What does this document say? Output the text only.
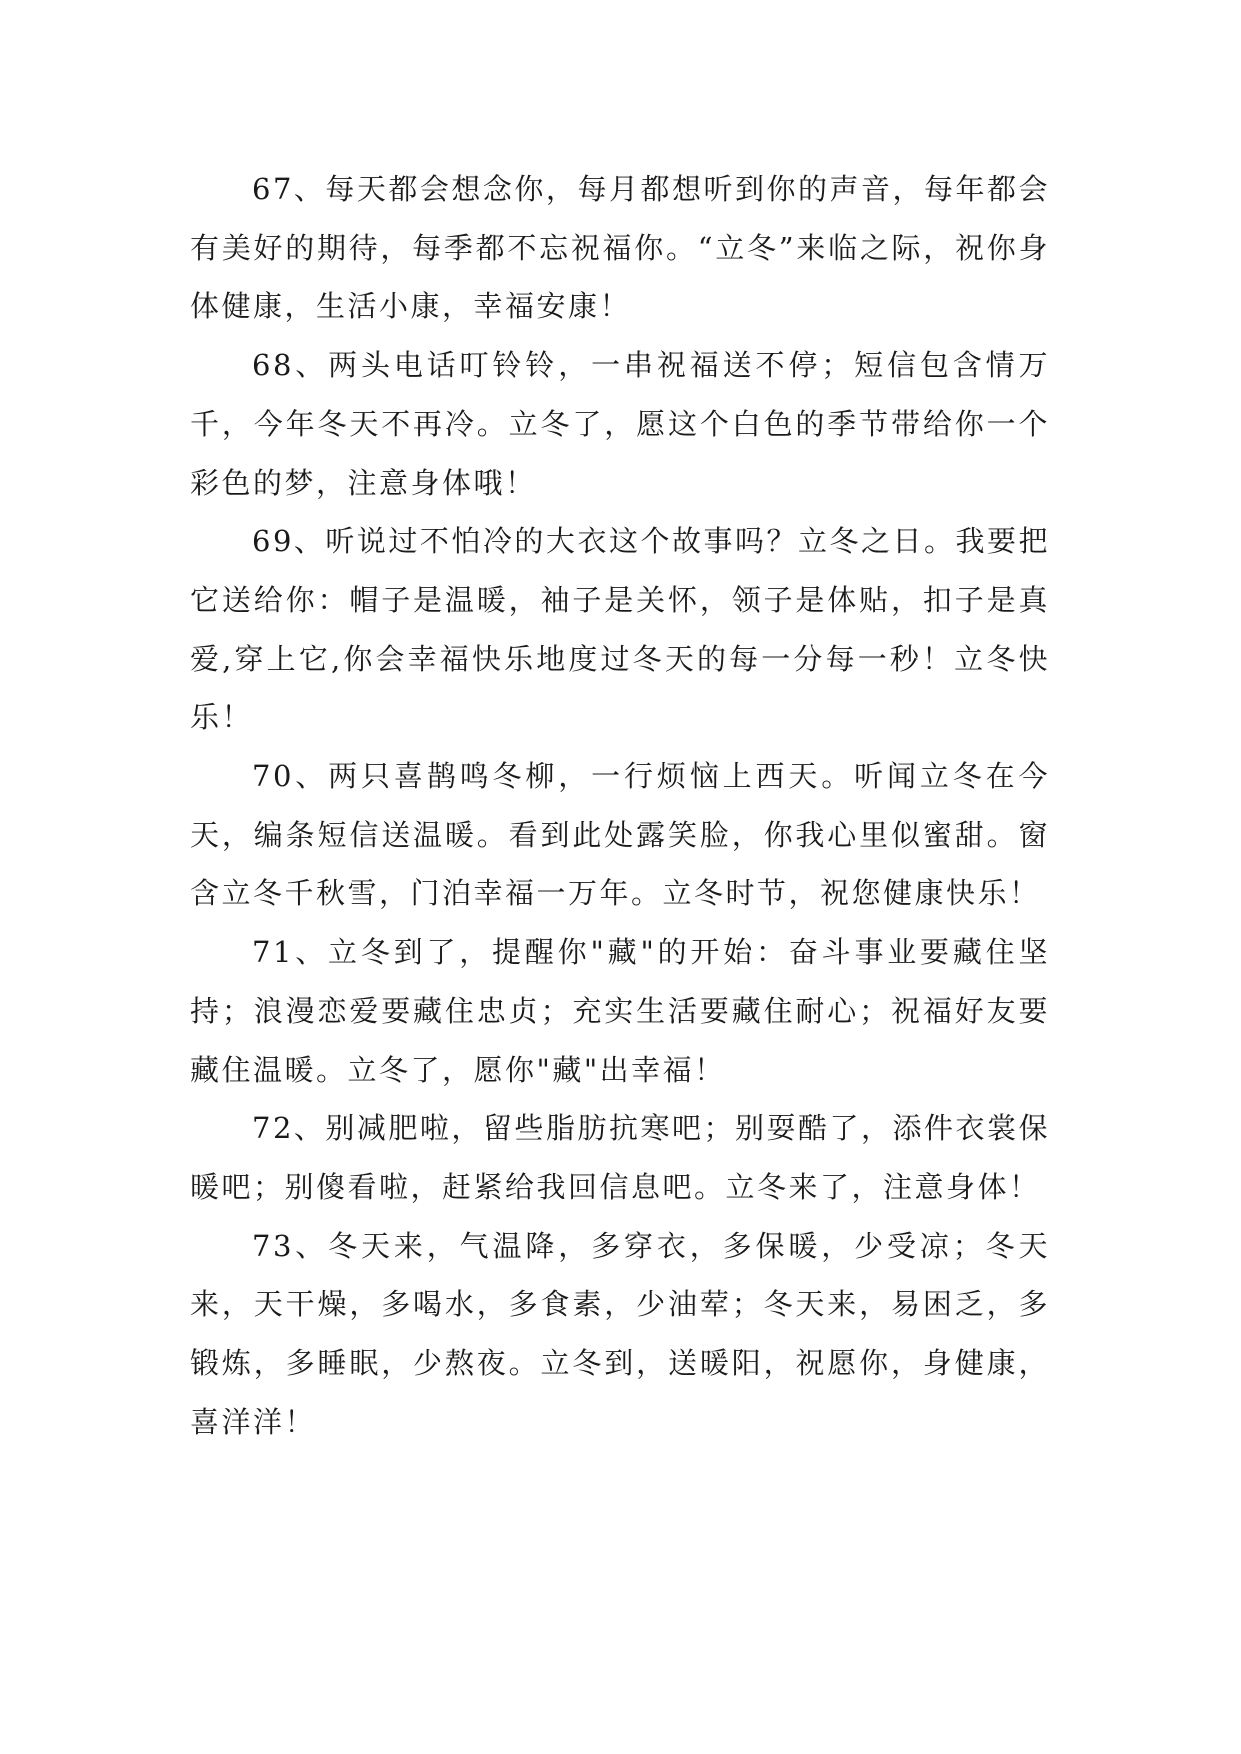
67、每天都会想念你，每月都想听到你的声音，每年都会有美好的期待，每季都不忘祝福你。“立冬”来临之际，祝你身体健康，生活小康，幸福安康！

68、两头电话叮铃铃，一串祝福送不停；短信包含情万千，今年冬天不再冷。立冬了，愿这个白色的季节带给你一个彩色的梦，注意身体哦！

69、听说过不怕冷的大衣这个故事吗？立冬之日。我要把它送给你：帽子是温暖，袖子是关怀，领子是体贴，扣子是真爱,穿上它,你会幸福快乐地度过冬天的每一分每一秒！立冬快乐！

70、两只喜鹊鸣冬柳，一行烦恼上西天。听闻立冬在今天，编条短信送温暖。看到此处露笑脸，你我心里似蜜甜。窗含立冬千秋雪，门泊幸福一万年。立冬时节，祝您健康快乐！

71、立冬到了，提醒你"藏"的开始：奋斗事业要藏住坚持；浪漫恋爱要藏住忠贞；充实生活要藏住耐心；祝福好友要藏住温暖。立冬了，愿你"藏"出幸福！

72、别减肥啦，留些脂肪抗寒吧；别耍酷了，添件衣裳保暖吧；别傻看啦，赶紧给我回信息吧。立冬来了，注意身体！

73、冬天来，气温降，多穿衣，多保暖，少受凉；冬天来，天干燥，多喝水，多食素，少油荤；冬天来，易困乏，多锻炼，多睡眠，少熬夜。立冬到，送暖阳，祝愿你，身健康，喜洋洋！
